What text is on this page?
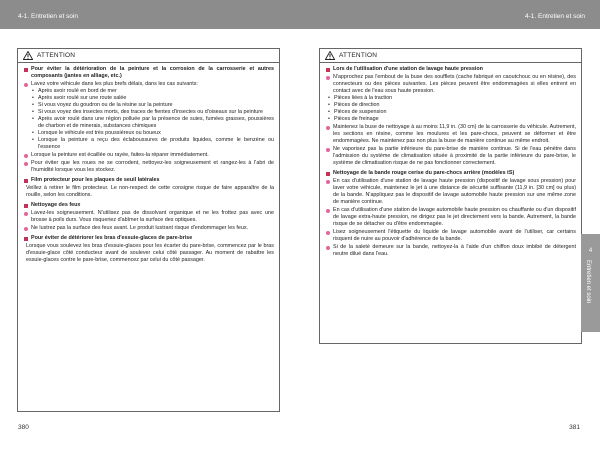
4-1. Entretien et soin
ATTENTION
Pour éviter la détérioration de la peinture et la corrosion de la carrosserie et autres composants (jantes en alliage, etc.)
Lavez votre véhicule dans les plus brefs délais, dans les cas suivants:
• Après avoir roulé en bord de mer
• Après avoir roulé sur une route salée
• Si vous voyez du goudron ou de la résine sur la peinture
• Si vous voyez des insectes morts, des traces de fientes d'insectes ou d'oiseaux sur la peinture
• Après avoir roulé dans une région polluée par la présence de suies, fumées grasses, poussières de charbon et de minerais, substances chimiques
• Lorsque le véhicule est très poussiéreux ou boueux
• Lorsque la peinture a reçu des éclaboussures de produits liquides, comme le benzène ou l'essence
Lorsque la peinture est écaillée ou rayée, faites-la réparer immédiatement.
Pour éviter que les roues ne se corrodent, nettoyez-les soigneusement et rangez-les à l'abri de l'humidité lorsque vous les stockez.
Film protecteur pour les plaques de seuil latérales
Veillez à retirer le film protecteur. Le non-respect de cette consigne risque de faire apparaître de la rouille, selon les conditions.
Nettoyage des feux
Lavez-les soigneusement. N'utilisez pas de dissolvant organique et ne les frottez pas avec une brosse à poils durs. Vous risqueriez d'abîmer la surface des optiques.
Ne lustrez pas la surface des feux avant. Le produit lustrant risque d'endommager les feux.
Pour éviter de détériorer les bras d'essuie-glaces de pare-brise
Lorsque vous soulevez les bras d'essuie-glaces pour les écarter du pare-brise, commencez par le bras d'essuie-glace côté conducteur avant de soulever celui côté passager. Au moment de rabattre les essuie-glaces contre le pare-brise, commencez par celui du côté passager.
380
4-1. Entretien et soin
ATTENTION
Lors de l'utilisation d'une station de lavage haute pression
N'approchez pas l'embout de la buse des soufflets (cache fabriqué en caoutchouc ou en résine), des connecteurs ou des pièces suivantes. Les pièces peuvent être endommagées si elles entrent en contact avec de l'eau sous haute pression.
• Pièces liées à la traction
• Pièces de direction
• Pièces de suspension
• Pièces de freinage
Maintenez la buse de nettoyage à au moins 11,9 in. (30 cm) de la carrosserie du véhicule. Autrement, les sections en résine, comme les moulures et les pare-chocs, peuvent se déformer et être endommagées. Ne maintenez pas non plus la buse de manière continue au même endroit.
Ne vaporisez pas la partie inférieure du pare-brise de manière continue. Si de l'eau pénètre dans l'admission du système de climatisation située à proximité de la partie inférieure du pare-brise, le système de climatisation risque de ne pas fonctionner correctement.
Nettoyage de la bande rouge cerise du pare-chocs arrière (modèles tS)
En cas d'utilisation d'une station de lavage haute pression (dispositif de lavage sous pression) pour laver votre véhicule, maintenez le jet à une distance de sécurité suffisante (11,9 in. [30 cm] ou plus) de la bande. N'appliquez pas le dispositif de lavage automobile haute pression sur une même zone de manière continue.
En cas d'utilisation d'une station de lavage automobile haute pression ou chauffante ou d'un dispositif de lavage extra-haute pression, ne dirigez pas le jet directement vers la bande. Autrement, la bande risque de se détacher ou d'être endommagée.
Lisez soigneusement l'étiquette du liquide de lavage automobile avant de l'utiliser, car certains risquent de nuire au pouvoir d'adhérence de la bande.
Si de la saleté demeure sur la bande, nettoyez-la à l'aide d'un chiffon doux imbibé de détergent neutre dilué dans l'eau.
381
4
Entretien et soin
